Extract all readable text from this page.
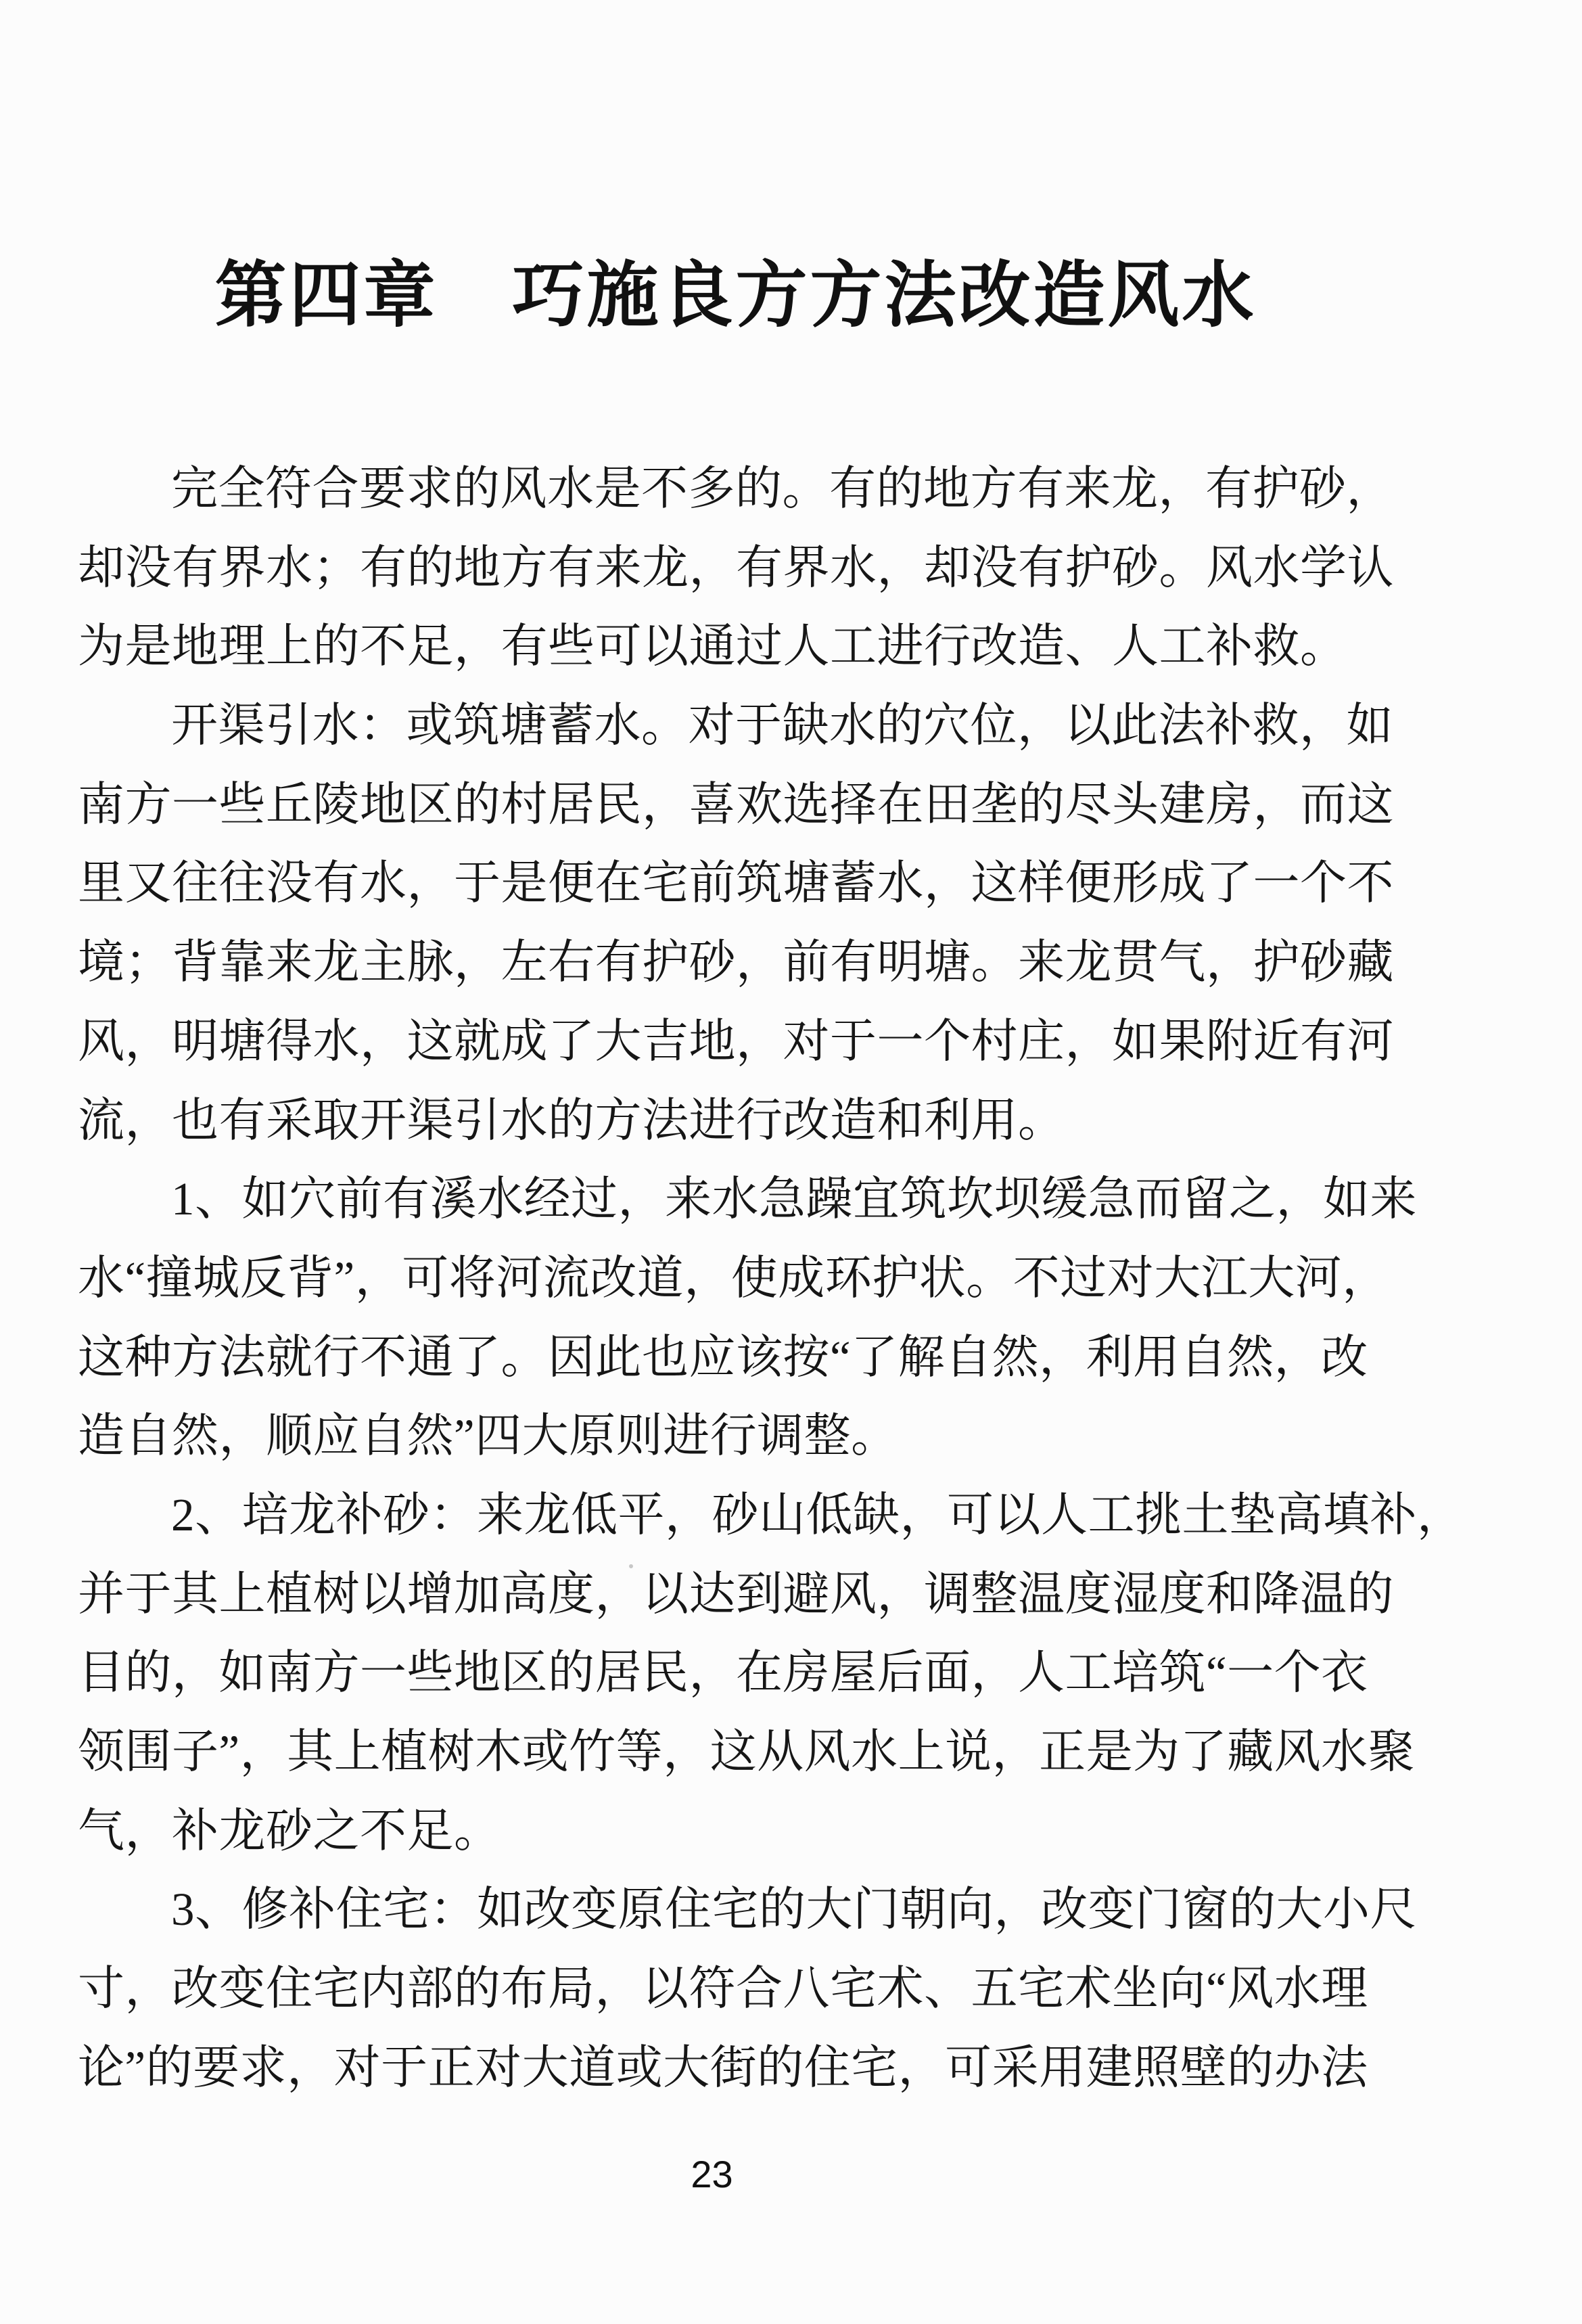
第四章　巧施良方方法改造风水
完全符合要求的风水是不多的。有的地方有来龙，有护砂，
却没有界水；有的地方有来龙，有界水，却没有护砂。风水学认
为是地理上的不足，有些可以通过人工进行改造、人工补救。
开渠引水：或筑塘蓄水。对于缺水的穴位，以此法补救，如
南方一些丘陵地区的村居民，喜欢选择在田垄的尽头建房，而这
里又往往没有水，于是便在宅前筑塘蓄水，这样便形成了一个不
境；背靠来龙主脉，左右有护砂，前有明塘。来龙贯气，护砂藏
风，明塘得水，这就成了大吉地，对于一个村庄，如果附近有河
流，也有采取开渠引水的方法进行改造和利用。
1、如穴前有溪水经过，来水急躁宜筑坎坝缓急而留之，如来
水“撞城反背”，可将河流改道，使成环护状。不过对大江大河，
这种方法就行不通了。因此也应该按“了解自然，利用自然，改
造自然，顺应自然”四大原则进行调整。
2、培龙补砂：来龙低平，砂山低缺，可以人工挑土垫高填补，
并于其上植树以增加高度，以达到避风，调整温度湿度和降温的
目的，如南方一些地区的居民，在房屋后面，人工培筑“一个衣
领围子”，其上植树木或竹等，这从风水上说，正是为了藏风水聚
气，补龙砂之不足。
3、修补住宅：如改变原住宅的大门朝向，改变门窗的大小尺
寸，改变住宅内部的布局，以符合八宅术、五宅术坐向“风水理
论”的要求，对于正对大道或大街的住宅，可采用建照壁的办法
23
